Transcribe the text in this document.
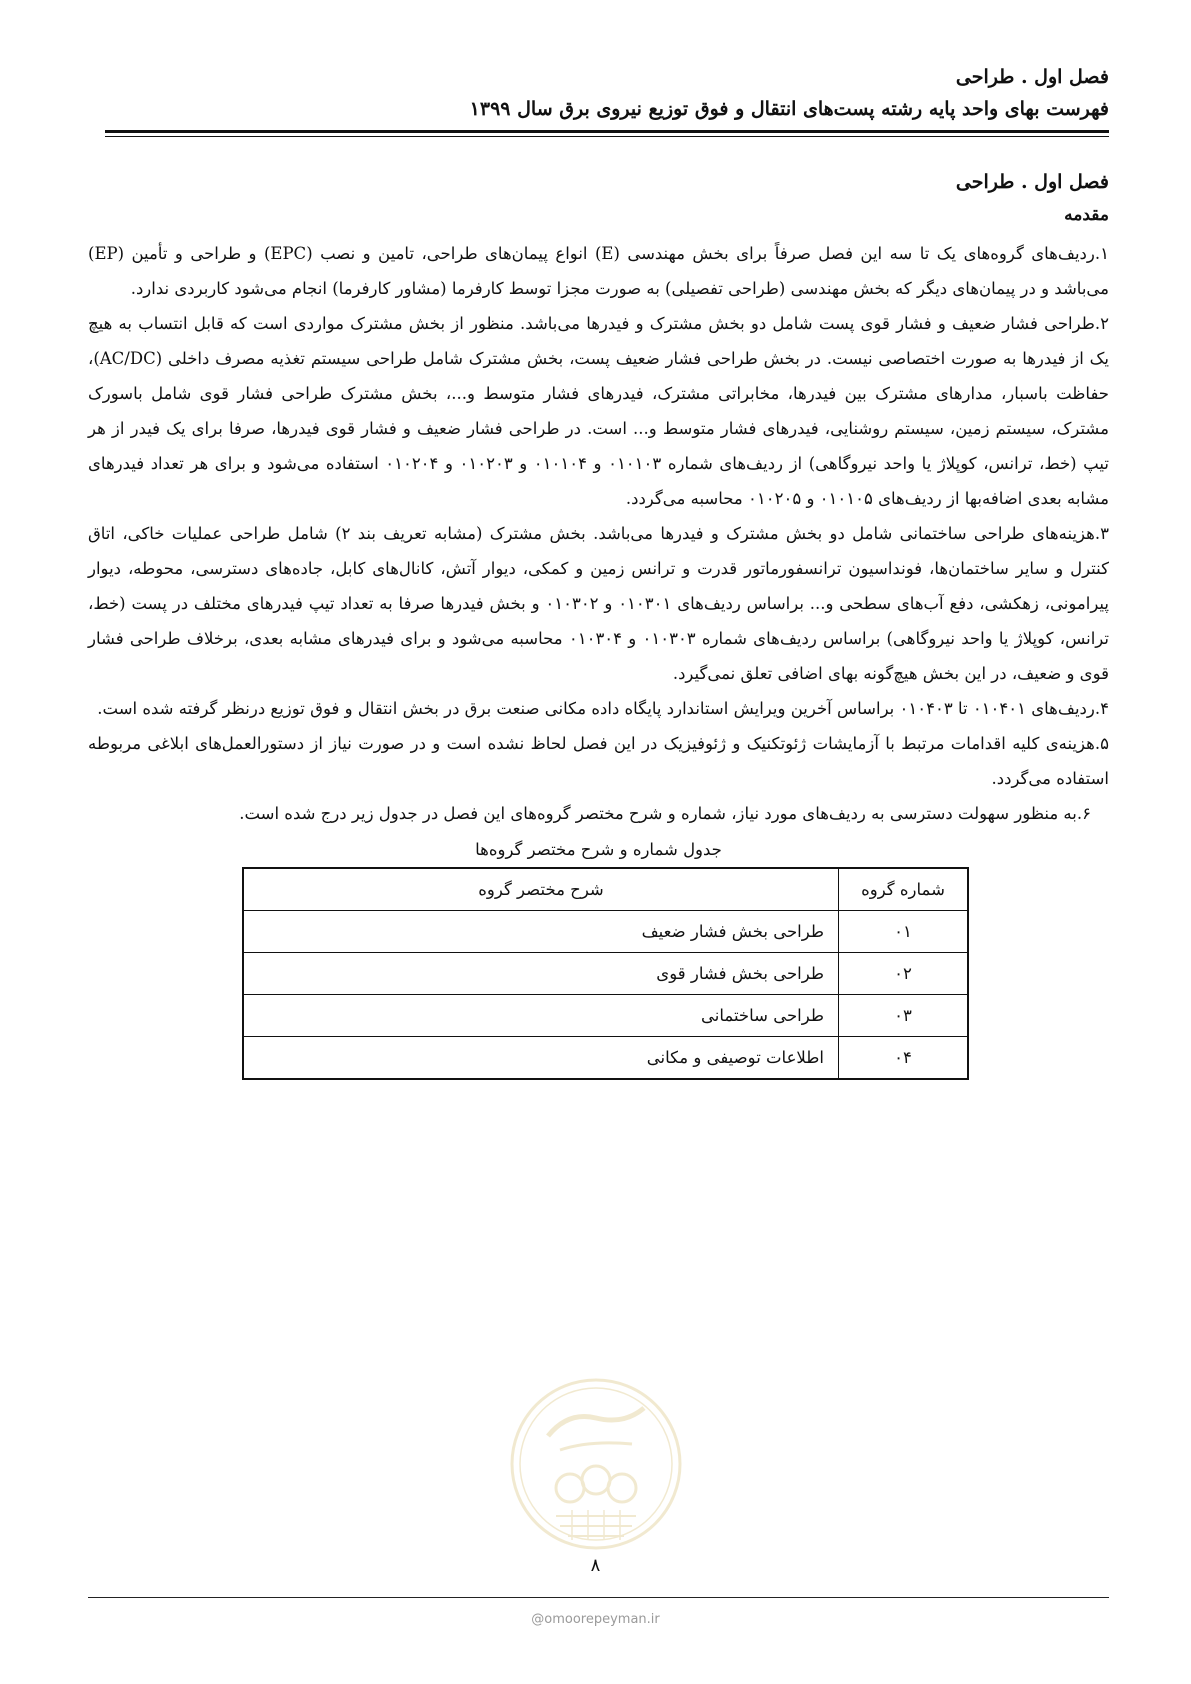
فصل اول . طراحی
فهرست بهای واحد پایه رشته پست‌های انتقال و فوق توزیع نیروی برق سال ۱۳۹۹
فصل اول . طراحی
مقدمه

۱.ردیف‌های گروه‌های یک تا سه این فصل صرفاً برای بخش مهندسی (E) انواع پیمان‌های طراحی، تامین و نصب (EPC) و طراحی و تأمین (EP) می‌باشد و در پیمان‌های دیگر که بخش مهندسی (طراحی تفصیلی) به صورت مجزا توسط کارفرما (مشاور کارفرما) انجام می‌شود کاربردی ندارد.

۲.طراحی فشار ضعیف و فشار قوی پست شامل دو بخش مشترک و فیدرها می‌باشد. منظور از بخش مشترک مواردی است که قابل انتساب به هیچ یک از فیدرها به صورت اختصاصی نیست. در بخش طراحی فشار ضعیف پست، بخش مشترک شامل طراحی سیستم تغذیه مصرف داخلی (AC/DC)، حفاظت باسبار، مدارهای مشترک بین فیدرها، مخابراتی مشترک، فیدرهای فشار متوسط و...، بخش مشترک طراحی فشار قوی شامل باسورک مشترک، سیستم زمین، سیستم روشنایی، فیدرهای فشار متوسط و... است. در طراحی فشار ضعیف و فشار قوی فیدرها، صرفا برای یک فیدر از هر تیپ (خط، ترانس، کوپلاژ یا واحد نیروگاهی) از ردیف‌های شماره ۰۱۰۱۰۳ و ۰۱۰۱۰۴ و ۰۱۰۲۰۳ و ۰۱۰۲۰۴ استفاده می‌شود و برای هر تعداد فیدرهای مشابه بعدی اضافه‌بها از ردیف‌های ۰۱۰۱۰۵ و ۰۱۰۲۰۵ محاسبه می‌گردد.

۳.هزینه‌های طراحی ساختمانی شامل دو بخش مشترک و فیدرها می‌باشد. بخش مشترک (مشابه تعریف بند ۲) شامل طراحی عملیات خاکی، اتاق کنترل و سایر ساختمان‌ها، فونداسیون ترانسفورماتور قدرت و ترانس زمین و کمکی، دیوار آتش، کانال‌های کابل، جاده‌های دسترسی، محوطه، دیوار پیرامونی، زهکشی، دفع آب‌های سطحی و... براساس ردیف‌های ۰۱۰۳۰۱ و ۰۱۰۳۰۲ و بخش فیدرها صرفا به تعداد تیپ فیدرهای مختلف در پست (خط، ترانس، کوپلاژ یا واحد نیروگاهی) براساس ردیف‌های شماره ۰۱۰۳۰۳ و ۰۱۰۳۰۴ محاسبه می‌شود و برای فیدرهای مشابه بعدی، برخلاف طراحی فشار قوی و ضعیف، در این بخش هیچ‌گونه بهای اضافی تعلق نمی‌گیرد.

۴.ردیف‌های ۰۱۰۴۰۱ تا ۰۱۰۴۰۳ براساس آخرین ویرایش استاندارد پایگاه داده مکانی صنعت برق در بخش انتقال و فوق توزیع درنظر گرفته شده است.

۵.هزینه‌ی کلیه اقدامات مرتبط با آزمایشات ژئوتکنیک و ژئوفیزیک در این فصل لحاظ نشده است و در صورت نیاز از دستورالعمل‌های ابلاغی مربوطه استفاده می‌گردد.

۶.به منظور سهولت دسترسی به ردیف‌های مورد نیاز، شماره و شرح مختصر گروه‌های این فصل در جدول زیر درج شده است.

جدول شماره و شرح مختصر گروه‌ها
شماره گروه	شرح مختصر گروه
۰۱	طراحی بخش فشار ضعیف
۰۲	طراحی بخش فشار قوی
۰۳	طراحی ساختمانی
۰۴	اطلاعات توصیفی و مکانی
۸
@omoorepeyman.ir
